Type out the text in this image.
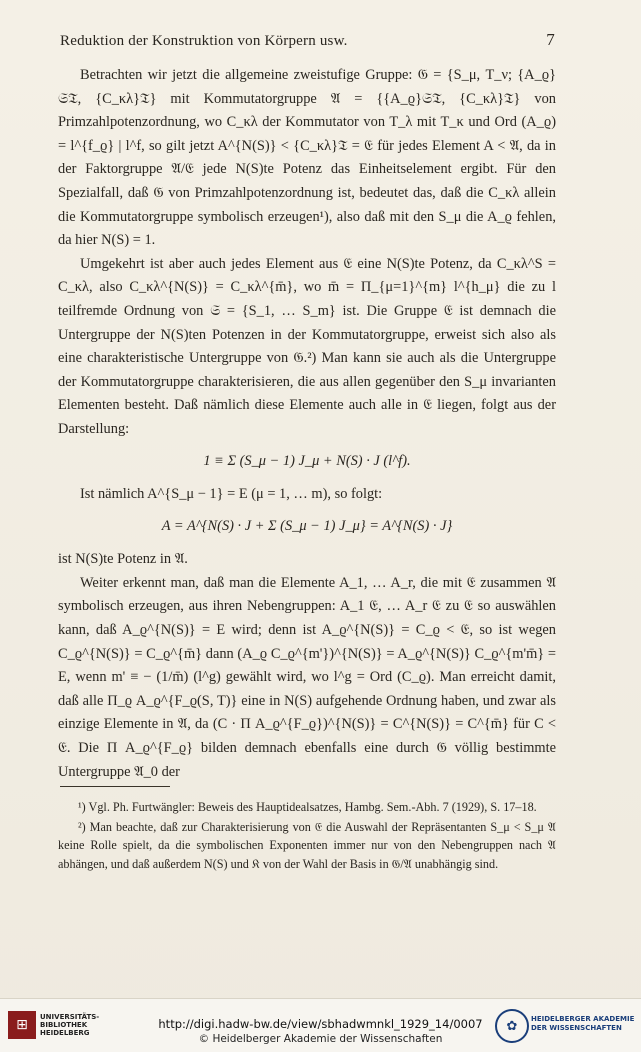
Reduktion der Konstruktion von Körpern usw.	7

Betrachten wir jetzt die allgemeine zweistufige Gruppe: 𝔊 = {S_μ, T_ν; {A_ϱ}𝔖𝔗, {C_κλ}𝔗} mit Kommutatorgruppe 𝔄 = {{A_ϱ}𝔖𝔗, {C_κλ}𝔗} von Primzahlpotenzordnung, wo C_κλ der Kommutator von T_λ mit T_κ und Ord (A_ϱ) = l^{f_ϱ} | l^f, so gilt jetzt A^{N(S)} < {C_κλ}𝔗 = 𝔈 für jedes Element A < 𝔄, da in der Faktorgruppe 𝔄/𝔈 jede N(S)te Potenz das Einheitselement ergibt. Für den Spezialfall, daß 𝔊 von Primzahlpotenzordnung ist, bedeutet das, daß die C_κλ allein die Kommutatorgruppe symbolisch erzeugen¹), also daß mit den S_μ die A_ϱ fehlen, da hier N(S) = 1.

Umgekehrt ist aber auch jedes Element aus 𝔈 eine N(S)te Potenz, da C_κλ^S = C_κλ, also C_κλ^{N(S)} = C_κλ^{m̄}, wo m̄ = Π_{μ=1}^{m} l^{h_μ} die zu l teilfremde Ordnung von 𝔖 = {S_1, … S_m} ist. Die Gruppe 𝔈 ist demnach die Untergruppe der N(S)ten Potenzen in der Kommutatorgruppe, erweist sich also als eine charakteristische Untergruppe von 𝔊.²) Man kann sie auch als die Untergruppe der Kommutatorgruppe charakterisieren, die aus allen gegenüber den S_μ invarianten Elementen besteht. Daß nämlich diese Elemente auch alle in 𝔈 liegen, folgt aus der Darstellung:

1 ≡ Σ (S_μ − 1) J_μ + N(S) · J (l^f).

Ist nämlich A^{S_μ − 1} = E (μ = 1, … m), so folgt:

A = A^{N(S) · J + Σ (S_μ − 1) J_μ} = A^{N(S) · J}

ist N(S)te Potenz in 𝔄.

Weiter erkennt man, daß man die Elemente A_1, … A_r, die mit 𝔈 zusammen 𝔄 symbolisch erzeugen, aus ihren Nebengruppen: A_1 𝔈, … A_r 𝔈 zu 𝔈 so auswählen kann, daß A_ϱ^{N(S)} = E wird; denn ist A_ϱ^{N(S)} = C_ϱ < 𝔈, so ist wegen C_ϱ^{N(S)} = C_ϱ^{m̄} dann (A_ϱ C_ϱ^{m'})^{N(S)} = A_ϱ^{N(S)} C_ϱ^{m'm̄} = E, wenn m' ≡ − (1/m̄) (l^g) gewählt wird, wo l^g = Ord (C_ϱ). Man erreicht damit, daß alle Π_ϱ A_ϱ^{F_ϱ(S, T)} eine in N(S) aufgehende Ordnung haben, und zwar als einzige Elemente in 𝔄, da (C · Π A_ϱ^{F_ϱ})^{N(S)} = C^{N(S)} = C^{m̄} für C < 𝔈. Die Π A_ϱ^{F_ϱ} bilden demnach ebenfalls eine durch 𝔊 völlig bestimmte Untergruppe 𝔄_0 der

¹) Vgl. Ph. Furtwängler: Beweis des Hauptidealsatzes, Hambg. Sem.-Abh. 7 (1929), S. 17–18.

²) Man beachte, daß zur Charakterisierung von 𝔈 die Auswahl der Repräsentanten S_μ < S_μ 𝔄 keine Rolle spielt, da die symbolischen Exponenten immer nur von den Nebengruppen nach 𝔄 abhängen, und daß außerdem N(S) und 𝔎 von der Wahl der Basis in 𝔊/𝔄 unabhängig sind.

⊞	UNIVERSITÄTS-
BIBLIOTHEK
HEIDELBERG
http://digi.hadw-bw.de/view/sbhadwmnkl_1929_14/0007
© Heidelberger Akademie der Wissenschaften
✿	HEIDELBERGER AKADEMIE
DER WISSENSCHAFTEN
